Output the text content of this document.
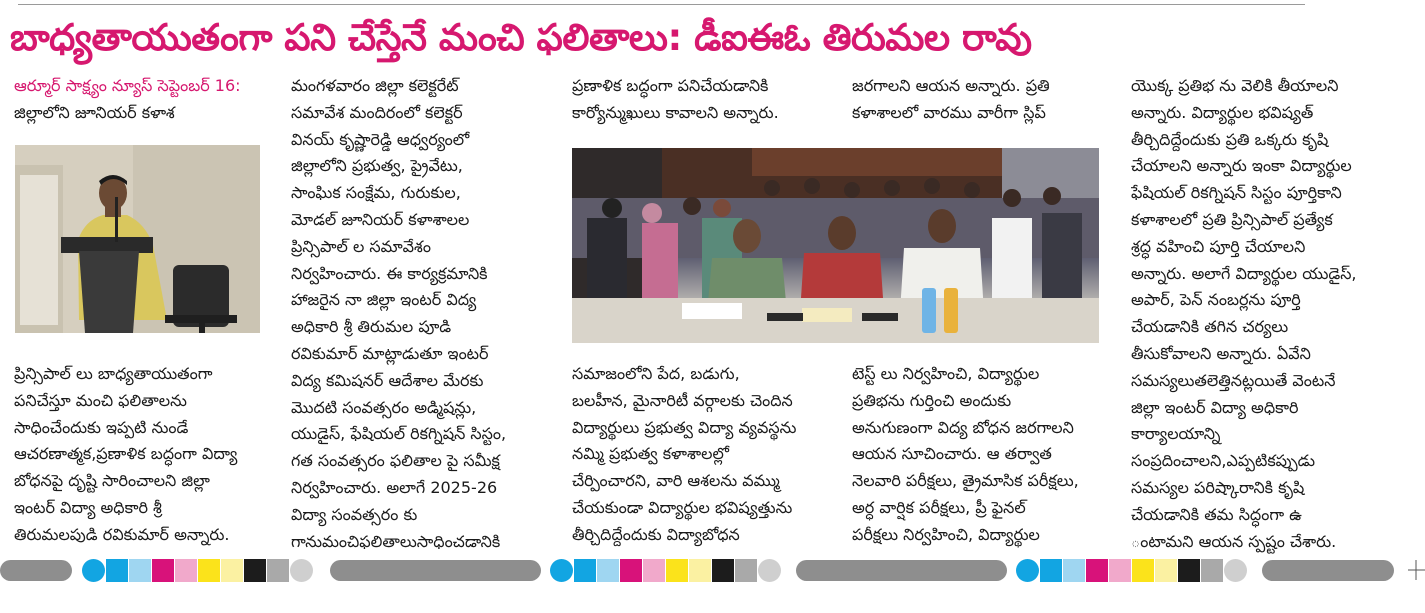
బాధ్యతాయుతంగా పని చేస్తేనే మంచి ఫలితాలు: డీఐఈఓ తిరుమల రావు

ఆర్మూర్ సాక్ష్యం న్యూస్ సెప్టెంబర్ 16:

జిల్లాలోని జూనియర్ కళాశ

ప్రిన్సిపాల్ లు బాధ్యతాయుతంగా

పనిచేస్తూ మంచి ఫలితాలను

సాధించేందుకు ఇప్పటి నుండే

ఆచరణాత్మక,ప్రణాళిక బద్ధంగా విద్యా

బోధనపై దృష్టి సారించాలని జిల్లా

ఇంటర్ విద్యా అధికారి శ్రీ

తిరుమలపుడి రవికుమార్ అన్నారు.

మంగళవారం జిల్లా కలెక్టరేట్

సమావేశ మందిరంలో కలెక్టర్

వినయ్ కృష్ణారెడ్డి ఆధ్వర్యంలో

జిల్లాలోని ప్రభుత్వ, ప్రైవేటు,

సాంఘిక సంక్షేమ, గురుకుల,

మోడల్ జూనియర్ కళాశాలల

ప్రిన్సిపాల్ ల సమావేశం

నిర్వహించారు. ఈ కార్యక్రమానికి

హాజరైన నా జిల్లా ఇంటర్ విద్య

అధికారి శ్రీ తిరుమల పూడి

రవికుమార్ మాట్లాడుతూ ఇంటర్

విద్య కమిషనర్ ఆదేశాల మేరకు

మొదటి సంవత్సరం అడ్మిషన్లు,

యుడైస్, ఫేషియల్ రికగ్నిషన్ సిస్టం,

గత సంవత్సరం ఫలితాల పై సమీక్ష

నిర్వహించారు. అలాగే 2025-26

విద్యా సంవత్సరం కు

గానుమంచిఫలితాలుసాధించడానికి

ప్రణాళిక బద్ధంగా పనిచేయడానికి

కార్యోన్ముఖులు కావాలని అన్నారు.

జరగాలని ఆయన అన్నారు. ప్రతి

కళాశాలలో వారము వారీగా స్లిప్

సమాజంలోని పేద, బడుగు,

బలహీన, మైనారిటీ వర్గాలకు చెందిన

విద్యార్థులు ప్రభుత్వ విద్యా వ్యవస్థను

నమ్మి ప్రభుత్వ కళాశాలల్లో

చేర్పించారని, వారి ఆశలను వమ్ము

చేయకుండా విద్యార్థుల భవిష్యత్తును

తీర్చిదిద్దేందుకు విద్యాబోధన

టెస్ట్ లు నిర్వహించి, విద్యార్థుల

ప్రతిభను గుర్తించి అందుకు

అనుగుణంగా విద్య బోధన జరగాలని

ఆయన సూచించారు. ఆ తర్వాత

నెలవారి పరీక్షలు, త్రైమాసిక పరీక్షలు,

అర్ధ వార్షిక పరీక్షలు, ప్రీ ఫైనల్

పరీక్షలు నిర్వహించి, విద్యార్థుల

యొక్క ప్రతిభ ను వెలికి తీయాలని

అన్నారు. విద్యార్థుల భవిష్యత్

తీర్చిదిద్దేందుకు ప్రతి ఒక్కరు కృషి

చేయాలని అన్నారు ఇంకా విద్యార్థుల

ఫేషియల్ రికగ్నిషన్ సిస్టం పూర్తికాని

కళాశాలలో ప్రతి ప్రిన్సిపాల్ ప్రత్యేక

శ్రద్ధ వహించి పూర్తి చేయాలని

అన్నారు. అలాగే విద్యార్థుల యుడైస్,

అపార్, పెన్ నంబర్లను పూర్తి

చేయడానికి తగిన చర్యలు

తీసుకోవాలని అన్నారు. ఏవేని

సమస్యలుతలెత్తినట్లయితే వెంటనే

జిల్లా ఇంటర్ విద్యా అధికారి

కార్యాలయాన్ని

సంప్రదించాలని,ఎప్పటికప్పుడు

సమస్యల పరిష్కారానికి కృషి

చేయడానికి తమ సిద్ధంగా ఉ

ంటామని ఆయన స్పష్టం చేశారు.
